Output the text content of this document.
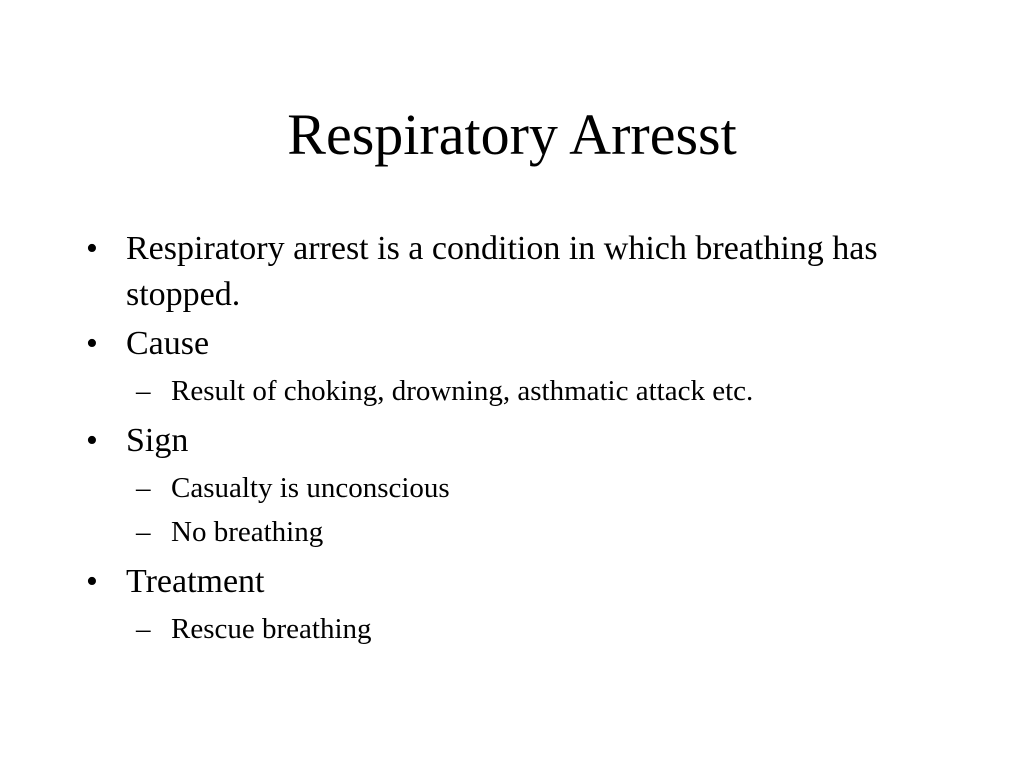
Respiratory Arresst
• Respiratory arrest is a condition in which breathing has stopped.
• Cause
– Result of choking, drowning, asthmatic attack etc.
• Sign
– Casualty is unconscious
– No breathing
• Treatment
– Rescue breathing
